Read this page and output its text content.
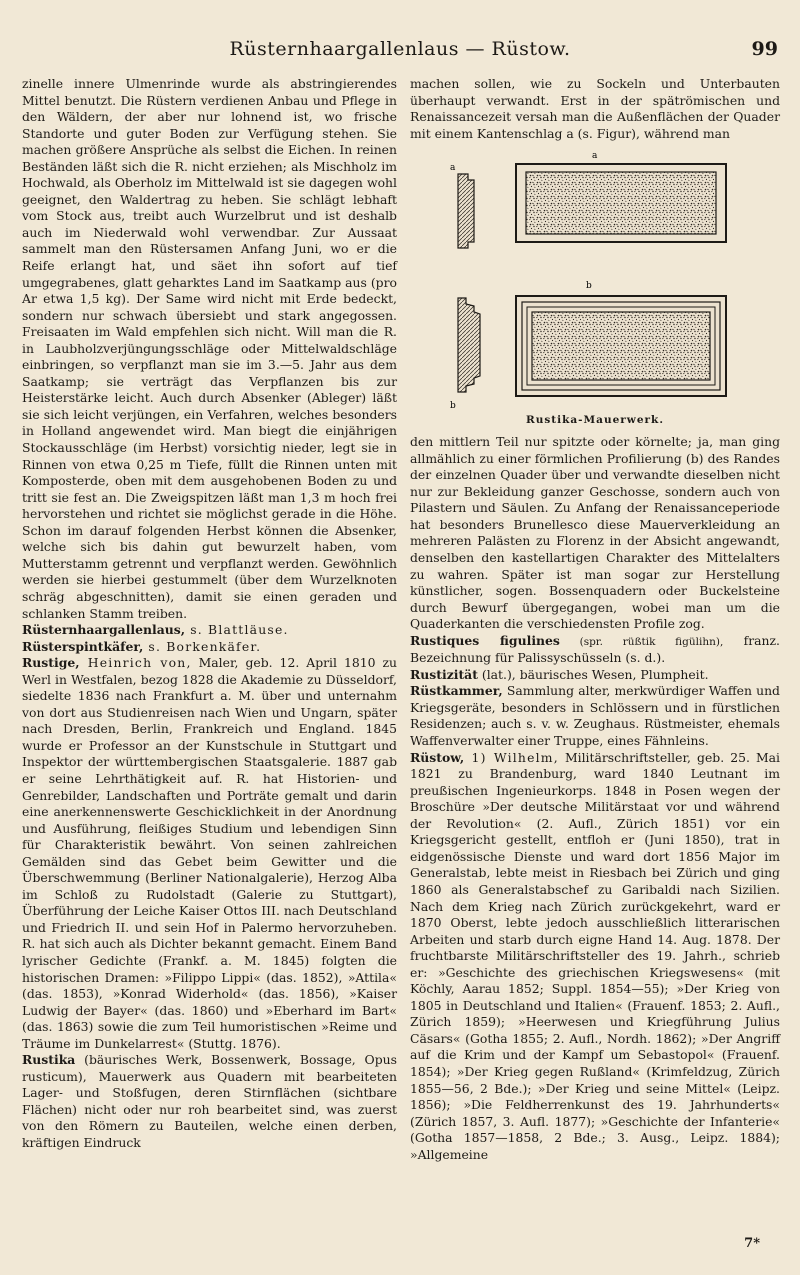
Rüsternhaargallenlaus — Rüstow.	99

zinelle innere Ulmenrinde wurde als abstringierendes Mittel benutzt. Die Rüstern verdienen Anbau und Pflege in den Wäldern, der aber nur lohnend ist, wo frische Standorte und guter Boden zur Verfügung stehen. Sie machen größere Ansprüche als selbst die Eichen. In reinen Beständen läßt sich die R. nicht erziehen; als Mischholz im Hochwald, als Oberholz im Mittelwald ist sie dagegen wohl geeignet, den Waldertrag zu heben. Sie schlägt lebhaft vom Stock aus, treibt auch Wurzelbrut und ist deshalb auch im Niederwald wohl verwendbar. Zur Aussaat sammelt man den Rüstersamen Anfang Juni, wo er die Reife erlangt hat, und säet ihn sofort auf tief umgegrabenes, glatt geharktes Land im Saatkamp aus (pro Ar etwa 1,5 kg). Der Same wird nicht mit Erde bedeckt, sondern nur schwach übersiebt und stark angegossen. Freisaaten im Wald empfehlen sich nicht. Will man die R. in Laubholzverjüngungsschläge oder Mittelwaldschläge einbringen, so verpflanzt man sie im 3.—5. Jahr aus dem Saatkamp; sie verträgt das Verpflanzen bis zur Heisterstärke leicht. Auch durch Absenker (Ableger) läßt sie sich leicht verjüngen, ein Verfahren, welches besonders in Holland angewendet wird. Man biegt die einjährigen Stockausschläge (im Herbst) vorsichtig nieder, legt sie in Rinnen von etwa 0,25 m Tiefe, füllt die Rinnen unten mit Komposterde, oben mit dem ausgehobenen Boden zu und tritt sie fest an. Die Zweigspitzen läßt man 1,3 m hoch frei hervorstehen und richtet sie möglichst gerade in die Höhe. Schon im darauf folgenden Herbst können die Absenker, welche sich bis dahin gut bewurzelt haben, vom Mutterstamm getrennt und verpflanzt werden. Gewöhnlich werden sie hierbei gestummelt (über dem Wurzelknoten schräg abgeschnitten), damit sie einen geraden und schlanken Stamm treiben.

Rüsternhaargallenlaus, s. Blattläuse.

Rüsterspintkäfer, s. Borkenkäfer.

Rustige, Heinrich von, Maler, geb. 12. April 1810 zu Werl in Westfalen, bezog 1828 die Akademie zu Düsseldorf, siedelte 1836 nach Frankfurt a. M. über und unternahm von dort aus Studienreisen nach Wien und Ungarn, später nach Dresden, Berlin, Frankreich und England. 1845 wurde er Professor an der Kunstschule in Stuttgart und Inspektor der württembergischen Staatsgalerie. 1887 gab er seine Lehrthätigkeit auf. R. hat Historien- und Genrebilder, Landschaften und Porträte gemalt und darin eine anerkennenswerte Geschicklichkeit in der Anordnung und Ausführung, fleißiges Studium und lebendigen Sinn für Charakteristik bewährt. Von seinen zahlreichen Gemälden sind das Gebet beim Gewitter und die Überschwemmung (Berliner Nationalgalerie), Herzog Alba im Schloß zu Rudolstadt (Galerie zu Stuttgart), Überführung der Leiche Kaiser Ottos III. nach Deutschland und Friedrich II. und sein Hof in Palermo hervorzuheben. R. hat sich auch als Dichter bekannt gemacht. Einem Band lyrischer Gedichte (Frankf. a. M. 1845) folgten die historischen Dramen: »Filippo Lippi« (das. 1852), »Attila« (das. 1853), »Konrad Widerhold« (das. 1856), »Kaiser Ludwig der Bayer« (das. 1860) und »Eberhard im Bart« (das. 1863) sowie die zum Teil humoristischen »Reime und Träume im Dunkelarrest« (Stuttg. 1876).

Rustika (bäurisches Werk, Bossenwerk, Bossage, Opus rusticum), Mauerwerk aus Quadern mit bearbeiteten Lager- und Stoßfugen, deren Stirnflächen (sichtbare Flächen) nicht oder nur roh bearbeitet sind, was zuerst von den Römern zu Bauteilen, welche einen derben, kräftigen Eindruck

machen sollen, wie zu Sockeln und Unterbauten überhaupt verwandt. Erst in der spätrömischen und Renaissancezeit versah man die Außenflächen der Quader mit einem Kantenschlag a (s. Figur), während man

a
a
b
b
Rustika-Mauerwerk.

den mittlern Teil nur spitzte oder körnelte; ja, man ging allmählich zu einer förmlichen Profilierung (b) des Randes der einzelnen Quader über und verwandte dieselben nicht nur zur Bekleidung ganzer Geschosse, sondern auch von Pilastern und Säulen. Zu Anfang der Renaissanceperiode hat besonders Brunellesco diese Mauerverkleidung an mehreren Palästen zu Florenz in der Absicht angewandt, denselben den kastellartigen Charakter des Mittelalters zu wahren. Später ist man sogar zur Herstellung künstlicher, sogen. Bossenquadern oder Buckelsteine durch Bewurf übergegangen, wobei man um die Quaderkanten die verschiedensten Profile zog.

Rustiques figulines (spr. rüßtik figülihn), franz. Bezeichnung für Palissyschüsseln (s. d.).

Rustizität (lat.), bäurisches Wesen, Plumpheit.

Rüstkammer, Sammlung alter, merkwürdiger Waffen und Kriegsgeräte, besonders in Schlössern und in fürstlichen Residenzen; auch s. v. w. Zeughaus. Rüstmeister, ehemals Waffenverwalter einer Truppe, eines Fähnleins.

Rüstow, 1) Wilhelm, Militärschriftsteller, geb. 25. Mai 1821 zu Brandenburg, ward 1840 Leutnant im preußischen Ingenieurkorps. 1848 in Posen wegen der Broschüre »Der deutsche Militärstaat vor und während der Revolution« (2. Aufl., Zürich 1851) vor ein Kriegsgericht gestellt, entfloh er (Juni 1850), trat in eidgenössische Dienste und ward dort 1856 Major im Generalstab, lebte meist in Riesbach bei Zürich und ging 1860 als Generalstabschef zu Garibaldi nach Sizilien. Nach dem Krieg nach Zürich zurückgekehrt, ward er 1870 Oberst, lebte jedoch ausschließlich litterarischen Arbeiten und starb durch eigne Hand 14. Aug. 1878. Der fruchtbarste Militärschriftsteller des 19. Jahrh., schrieb er: »Geschichte des griechischen Kriegswesens« (mit Köchly, Aarau 1852; Suppl. 1854—55); »Der Krieg von 1805 in Deutschland und Italien« (Frauenf. 1853; 2. Aufl., Zürich 1859); »Heerwesen und Kriegführung Julius Cäsars« (Gotha 1855; 2. Aufl., Nordh. 1862); »Der Angriff auf die Krim und der Kampf um Sebastopol« (Frauenf. 1854); »Der Krieg gegen Rußland« (Krimfeldzug, Zürich 1855—56, 2 Bde.); »Der Krieg und seine Mittel« (Leipz. 1856); »Die Feldherrenkunst des 19. Jahrhunderts« (Zürich 1857, 3. Aufl. 1877); »Geschichte der Infanterie« (Gotha 1857—1858, 2 Bde.; 3. Ausg., Leipz. 1884); »Allgemeine

7*
